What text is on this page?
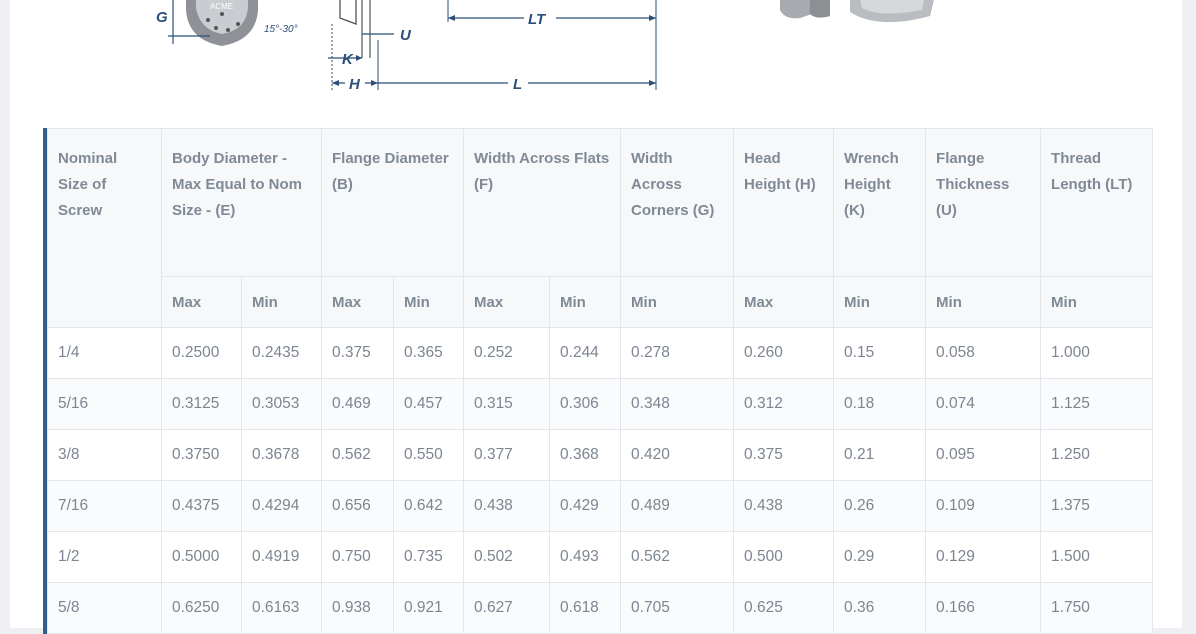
ACME
G
15°-30°	U
K
H	L
LT
Nominal Size of Screw	Body Diameter - Max Equal to Nom Size - (E)		Flange Diameter (B)		Width Across Flats (F)		Width Across Corners (G)	Head Height (H)	Wrench Height (K)	Flange Thickness (U)	Thread Length (LT)
	Max	Min	Max	Min	Max	Min	Min	Max	Min	Min	Min
1/4	0.2500	0.2435	0.375	0.365	0.252	0.244	0.278	0.260	0.15	0.058	1.000
5/16	0.3125	0.3053	0.469	0.457	0.315	0.306	0.348	0.312	0.18	0.074	1.125
3/8	0.3750	0.3678	0.562	0.550	0.377	0.368	0.420	0.375	0.21	0.095	1.250
7/16	0.4375	0.4294	0.656	0.642	0.438	0.429	0.489	0.438	0.26	0.109	1.375
1/2	0.5000	0.4919	0.750	0.735	0.502	0.493	0.562	0.500	0.29	0.129	1.500
5/8	0.6250	0.6163	0.938	0.921	0.627	0.618	0.705	0.625	0.36	0.166	1.750
